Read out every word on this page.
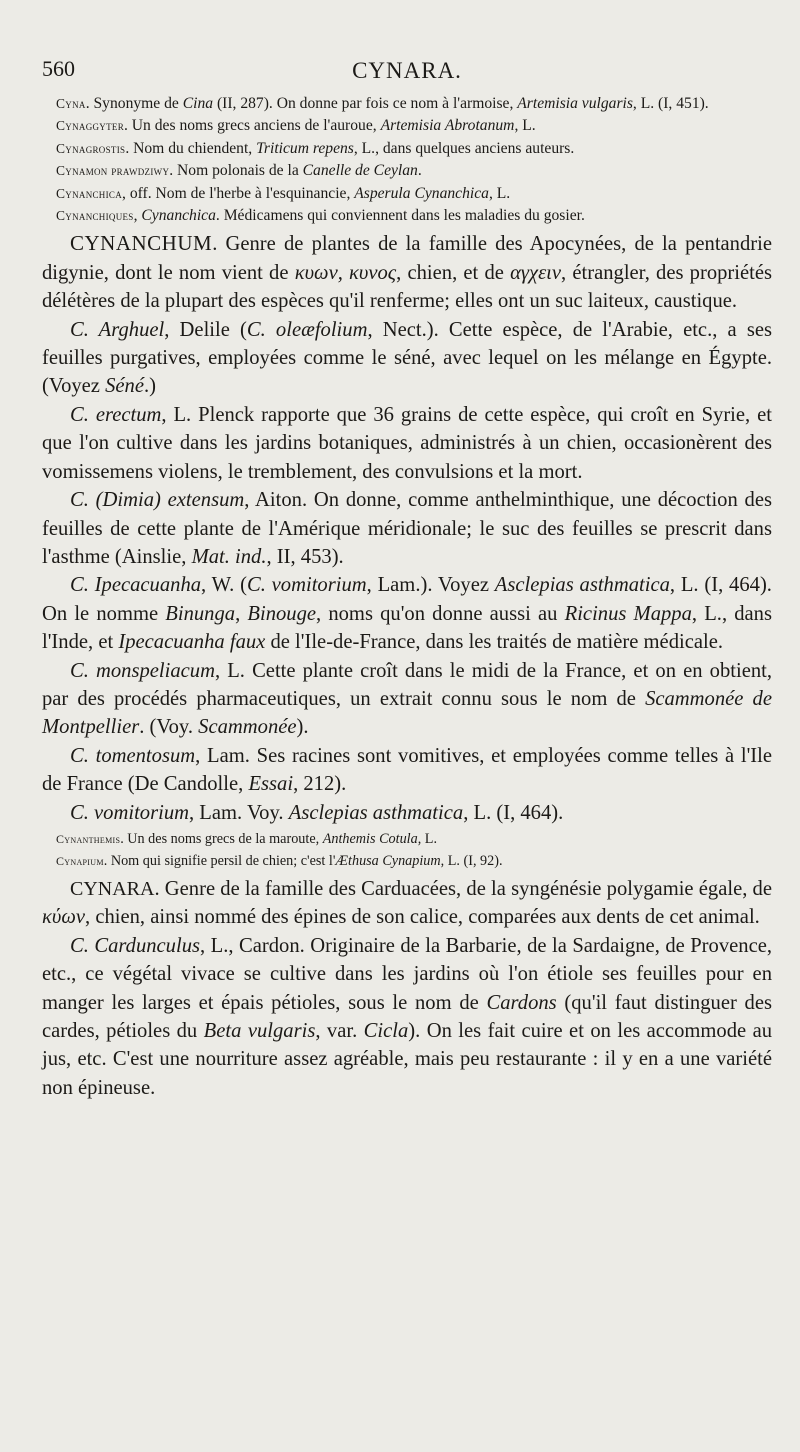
560	CYNARA.

Cyna. Synonyme de Cina (II, 287). On donne par fois ce nom à l'armoise, Artemisia vulgaris, L. (I, 451).

Cynaggyter. Un des noms grecs anciens de l'auroue, Artemisia Abrotanum, L.

Cynagrostis. Nom du chiendent, Triticum repens, L., dans quelques anciens auteurs.

Cynamon prawdziwy. Nom polonais de la Canelle de Ceylan.

Cynanchica, off. Nom de l'herbe à l'esquinancie, Asperula Cynanchica, L.

Cynanchiques, Cynanchica. Médicamens qui conviennent dans les maladies du gosier.

CYNANCHUM. Genre de plantes de la famille des Apocynées, de la pentandrie digynie, dont le nom vient de κυων, κυνος, chien, et de αγχειν, étrangler, des propriétés délétères de la plupart des espèces qu'il renferme; elles ont un suc laiteux, caustique.

C. Arghuel, Delile (C. oleæfolium, Nect.). Cette espèce, de l'Arabie, etc., a ses feuilles purgatives, employées comme le séné, avec lequel on les mélange en Égypte. (Voyez Séné.)

C. erectum, L. Plenck rapporte que 36 grains de cette espèce, qui croît en Syrie, et que l'on cultive dans les jardins botaniques, administrés à un chien, occasionèrent des vomissemens violens, le tremblement, des convulsions et la mort.

C. (Dimia) extensum, Aiton. On donne, comme anthelminthique, une décoction des feuilles de cette plante de l'Amérique méridionale; le suc des feuilles se prescrit dans l'asthme (Ainslie, Mat. ind., II, 453).

C. Ipecacuanha, W. (C. vomitorium, Lam.). Voyez Asclepias asthmatica, L. (I, 464). On le nomme Binunga, Binouge, noms qu'on donne aussi au Ricinus Mappa, L., dans l'Inde, et Ipecacuanha faux de l'Ile-de-France, dans les traités de matière médicale.

C. monspeliacum, L. Cette plante croît dans le midi de la France, et on en obtient, par des procédés pharmaceutiques, un extrait connu sous le nom de Scammonée de Montpellier. (Voy. Scammonée).

C. tomentosum, Lam. Ses racines sont vomitives, et employées comme telles à l'Ile de France (De Candolle, Essai, 212).

C. vomitorium, Lam. Voy. Asclepias asthmatica, L. (I, 464).

Cynanthemis. Un des noms grecs de la maroute, Anthemis Cotula, L.

Cynapium. Nom qui signifie persil de chien; c'est l'Æthusa Cynapium, L. (I, 92).

CYNARA. Genre de la famille des Carduacées, de la syngénésie polygamie égale, de κύων, chien, ainsi nommé des épines de son calice, comparées aux dents de cet animal.

C. Cardunculus, L., Cardon. Originaire de la Barbarie, de la Sardaigne, de Provence, etc., ce végétal vivace se cultive dans les jardins où l'on étiole ses feuilles pour en manger les larges et épais pétioles, sous le nom de Cardons (qu'il faut distinguer des cardes, pétioles du Beta vulgaris, var. Cicla). On les fait cuire et on les accommode au jus, etc. C'est une nourriture assez agréable, mais peu restaurante : il y en a une variété non épineuse.
